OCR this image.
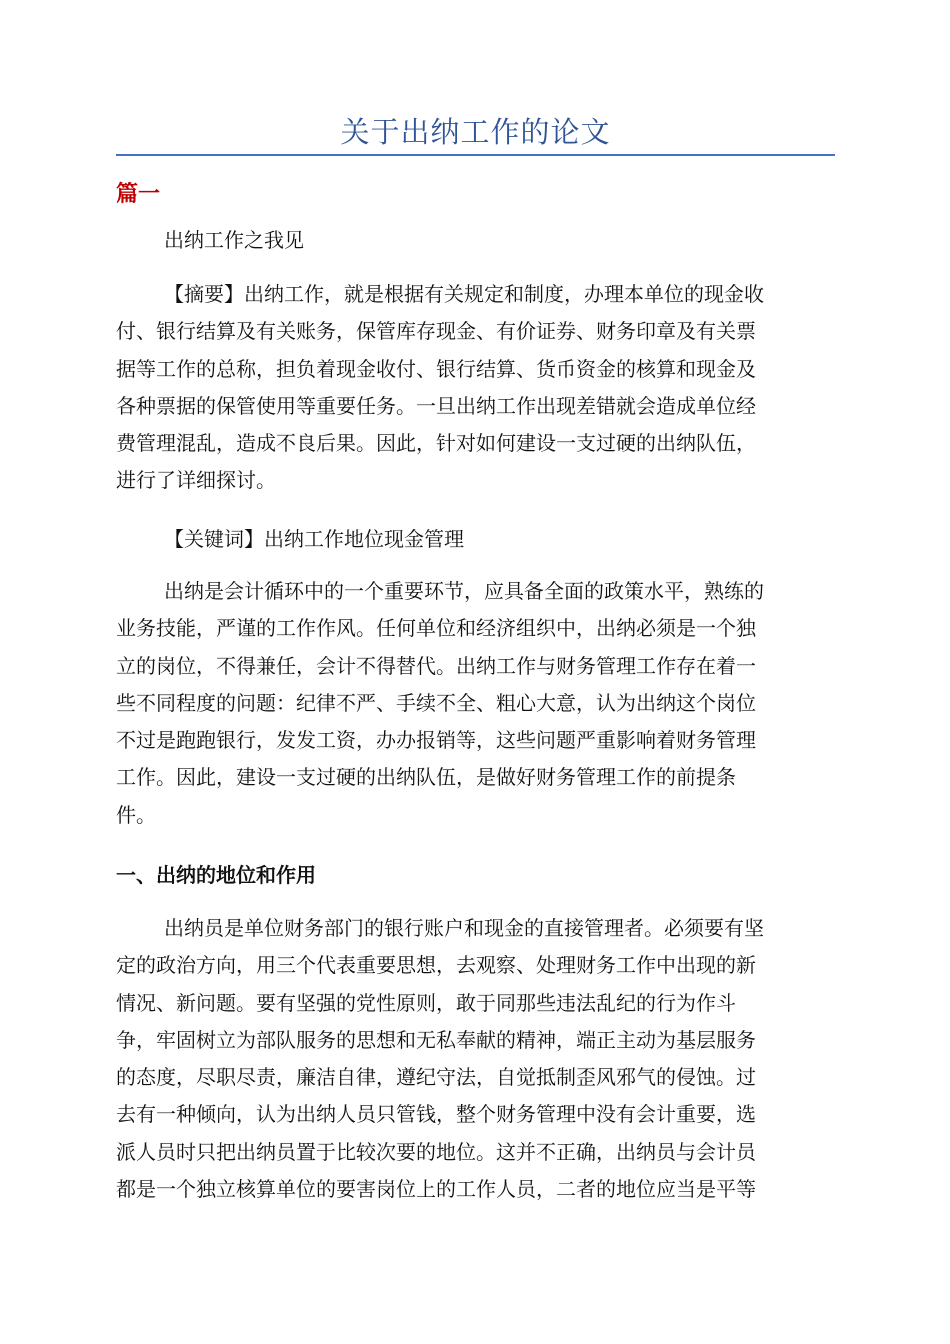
关于出纳工作的论文
篇一

出纳工作之我见

【摘要】出纳工作，就是根据有关规定和制度，办理本单位的现金收
付、银行结算及有关账务，保管库存现金、有价证券、财务印章及有关票
据等工作的总称，担负着现金收付、银行结算、货币资金的核算和现金及
各种票据的保管使用等重要任务。一旦出纳工作出现差错就会造成单位经
费管理混乱，造成不良后果。因此，针对如何建设一支过硬的出纳队伍，
进行了详细探讨。

【关键词】出纳工作地位现金管理

出纳是会计循环中的一个重要环节，应具备全面的政策水平，熟练的
业务技能，严谨的工作作风。任何单位和经济组织中，出纳必须是一个独
立的岗位，不得兼任，会计不得替代。出纳工作与财务管理工作存在着一
些不同程度的问题：纪律不严、手续不全、粗心大意，认为出纳这个岗位
不过是跑跑银行，发发工资，办办报销等，这些问题严重影响着财务管理
工作。因此，建设一支过硬的出纳队伍，是做好财务管理工作的前提条
件。

一、出纳的地位和作用

出纳员是单位财务部门的银行账户和现金的直接管理者。必须要有坚
定的政治方向，用三个代表重要思想，去观察、处理财务工作中出现的新
情况、新问题。要有坚强的党性原则，敢于同那些违法乱纪的行为作斗
争，牢固树立为部队服务的思想和无私奉献的精神，端正主动为基层服务
的态度，尽职尽责，廉洁自律，遵纪守法，自觉抵制歪风邪气的侵蚀。过
去有一种倾向，认为出纳人员只管钱，整个财务管理中没有会计重要，选
派人员时只把出纳员置于比较次要的地位。这并不正确，出纳员与会计员
都是一个独立核算单位的要害岗位上的工作人员，二者的地位应当是平等
